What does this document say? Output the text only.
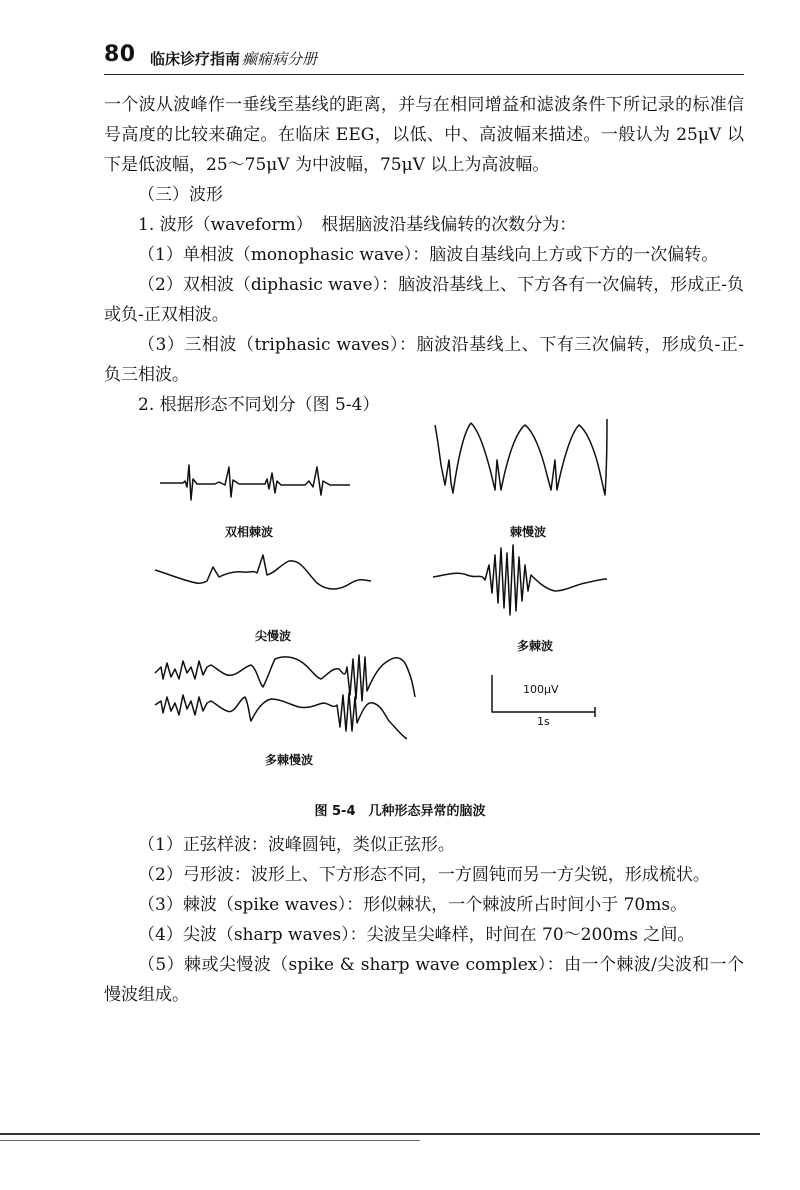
80 临床诊疗指南 癫痫病分册

一个波从波峰作一垂线至基线的距离，并与在相同增益和滤波条件下所记录的标准信号高度的比较来确定。在临床 EEG，以低、中、高波幅来描述。一般认为 25μV 以下是低波幅，25～75μV 为中波幅，75μV 以上为高波幅。

（三）波形

1. 波形（waveform）　根据脑波沿基线偏转的次数分为：

（1）单相波（monophasic wave）：脑波自基线向上方或下方的一次偏转。

（2）双相波（diphasic wave）：脑波沿基线上、下方各有一次偏转，形成正-负或负-正双相波。

（3）三相波（triphasic waves）：脑波沿基线上、下有三次偏转，形成负-正-负三相波。

2. 根据形态不同划分（图 5-4）

双相棘波	棘慢波
尖慢波
多棘波
多棘慢波
100μV
1s
图 5-4　几种形态异常的脑波

（1）正弦样波：波峰圆钝，类似正弦形。

（2）弓形波：波形上、下方形态不同，一方圆钝而另一方尖锐，形成梳状。

（3）棘波（spike waves）：形似棘状，一个棘波所占时间小于 70ms。

（4）尖波（sharp waves）：尖波呈尖峰样，时间在 70～200ms 之间。

（5）棘或尖慢波（spike & sharp wave complex）：由一个棘波/尖波和一个慢波组成。
